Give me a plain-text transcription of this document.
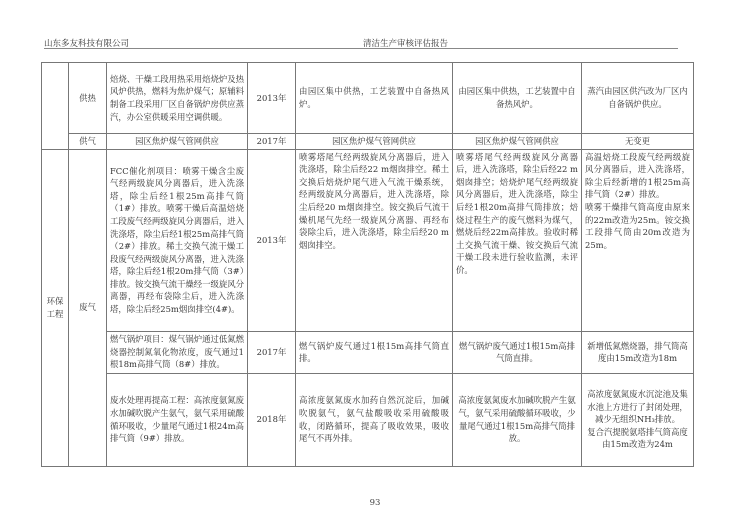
山东多友科技有限公司	清洁生产审核评估报告
	供热	焙烧、干燥工段用热采用焙烧炉及热风炉供热，燃料为焦炉煤气；原辅料制备工段采用厂区自备锅炉房供应蒸汽，办公室供暖采用空调供暖。	2013年	由园区集中供热，工艺装置中自备热风炉。	由园区集中供热，工艺装置中自备热风炉。	蒸汽由园区供汽改为厂区内自备锅炉供应。
	供气	园区焦炉煤气管网供应	2017年	园区焦炉煤气管网供应	园区焦炉煤气管网供应	无变更
环保工程	废气	FCC催化剂项目：喷雾干燥含尘废气经两级旋风分离器后，进入洗涤塔，除尘后经1根25m高排气筒（1#）排放。喷雾干燥后高温焙烧工段废气经两级旋风分离器后，进入洗涤塔，除尘后经1根25m高排气筒（2#）排放。稀土交换气流干燥工段废气经两级旋风分离器，进入洗涤塔，除尘后经1根20m排气筒（3#）排放。铵交换气流干燥经一级旋风分离器，再经布袋除尘后，进入洗涤塔，除尘后经25m烟囱排空(4#)。	2013年	喷雾塔尾气经两级旋风分离器后，进入洗涤塔，除尘后经22 m烟囱排空。稀土交换后焙烧炉尾气进入气流干燥系统，经两级旋风分离器后，进入洗涤塔，除尘后经20 m烟囱排空。铵交换后气流干燥机尾气先经一级旋风分离器、再经布袋除尘后，进入洗涤塔，除尘后经20 m烟囱排空。	喷雾塔尾气经两级旋风分离器后，进入洗涤塔，除尘后经22 m烟囱排空；焙烧炉尾气经两级旋风分离器后，进入洗涤塔，除尘后经1根20m高排气筒排放；焙烧过程生产的废气燃料为煤气，燃烧后经22m高排放。验收时稀土交换气流干燥、铵交换后气流干燥工段未进行验收监测，未评价。	高温焙烧工段废气经两级旋风分离器后，进入洗涤塔，除尘后经新增的1根25m高排气筒（2#）排放。
喷雾干燥排气筒高度由原来的22m改造为25m。铵交换工段排气筒由20m改造为25m。

		燃气锅炉项目：煤气锅炉通过低氮燃烧器控制氮氧化物浓度，废气通过1根18m高排气筒（8#）排放。	2017年	燃气锅炉废气通过1根15m高排气筒直排。	燃气锅炉废气通过1根15m高排气筒直排。	新增低氮燃烧器，排气筒高度由15m改造为18m
		废水处理再提高工程：高浓度氨氮废水加碱吹脱产生氨气，氨气采用硫酸循环吸收，少量尾气通过1根24m高排气筒（9#）排放。	2018年	高浓度氨氮废水加药自然沉淀后，加碱吹脱氨气，氨气盐酸吸收采用硫酸吸收，闭路循环，提高了吸收效果，吸收尾气不再外排。	高浓度氨氮废水加碱吹脱产生氨气，氨气采用硫酸循环吸收，少量尾气通过1根15m高排气筒排放。	高浓度氨氮废水沉淀池及集水池上方进行了封闭处理，减少无组织NH₃排放。
复合汽提脱氨塔排气筒高度由15m改造为24m
93
